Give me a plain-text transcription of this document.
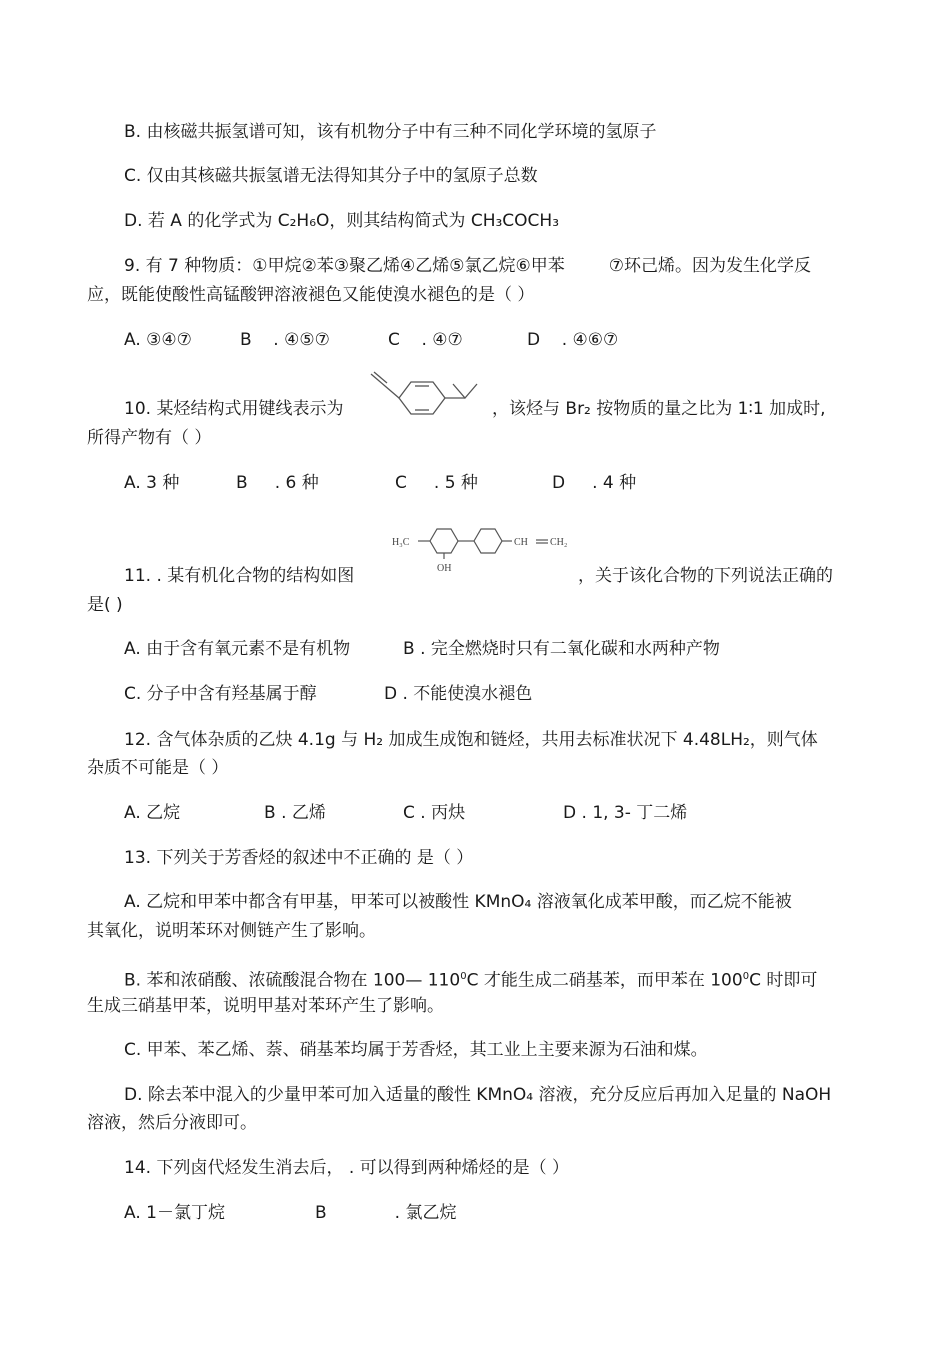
B. 由核磁共振氢谱可知，该有机物分子中有三种不同化学环境的氢原子
C. 仅由其核磁共振氢谱无法得知其分子中的氢原子总数
D. 若 A 的化学式为 C₂H₆O，则其结构简式为 CH₃COCH₃
9. 有 7 种物质：①甲烷②苯③聚乙烯④乙烯⑤氯乙烷⑥甲苯	⑦环己烯。因为发生化学反
应，既能使酸性高锰酸钾溶液褪色又能使溴水褪色的是（ ）
A. ③④⑦	B . ④⑤⑦	C . ④⑦	D . ④⑥⑦
10. 某烃结构式用键线表示为	，该烃与 Br₂ 按物质的量之比为 1∶1 加成时,
所得产物有（ ）
A. 3 种	B . 6 种	C . 5 种	D . 4 种
H₃C
OH
CH CH₂
11. . 某有机化合物的结构如图	，关于该化合物的下列说法正确的
是( )
A. 由于含有氧元素不是有机物	B . 完全燃烧时只有二氧化碳和水两种产物
C. 分子中含有羟基属于醇	D . 不能使溴水褪色
12. 含气体杂质的乙炔 4.1g 与 H₂ 加成生成饱和链烃，共用去标准状况下 4.48LH₂，则气体
杂质不可能是（ ）
A. 乙烷	B . 乙烯	C . 丙炔	D . 1, 3- 丁二烯
13. 下列关于芳香烃的叙述中不正确的 是（ ）
A. 乙烷和甲苯中都含有甲基，甲苯可以被酸性 KMnO₄ 溶液氧化成苯甲酸，而乙烷不能被
其氧化，说明苯环对侧链产生了影响。
B. 苯和浓硝酸、浓硫酸混合物在 100— $110^0C$ 才能生成二硝基苯，而甲苯在 $100^0C$ 时即可
生成三硝基甲苯，说明甲基对苯环产生了影响。
C. 甲苯、苯乙烯、萘、硝基苯均属于芳香烃，其工业上主要来源为石油和煤。
D. 除去苯中混入的少量甲苯可加入适量的酸性 KMnO₄ 溶液，充分反应后再加入足量的 NaOH
溶液，然后分液即可。
14. 下列卤代烃发生消去后， . 可以得到两种烯烃的是（ ）
A. 1－氯丁烷	B	. 氯乙烷
